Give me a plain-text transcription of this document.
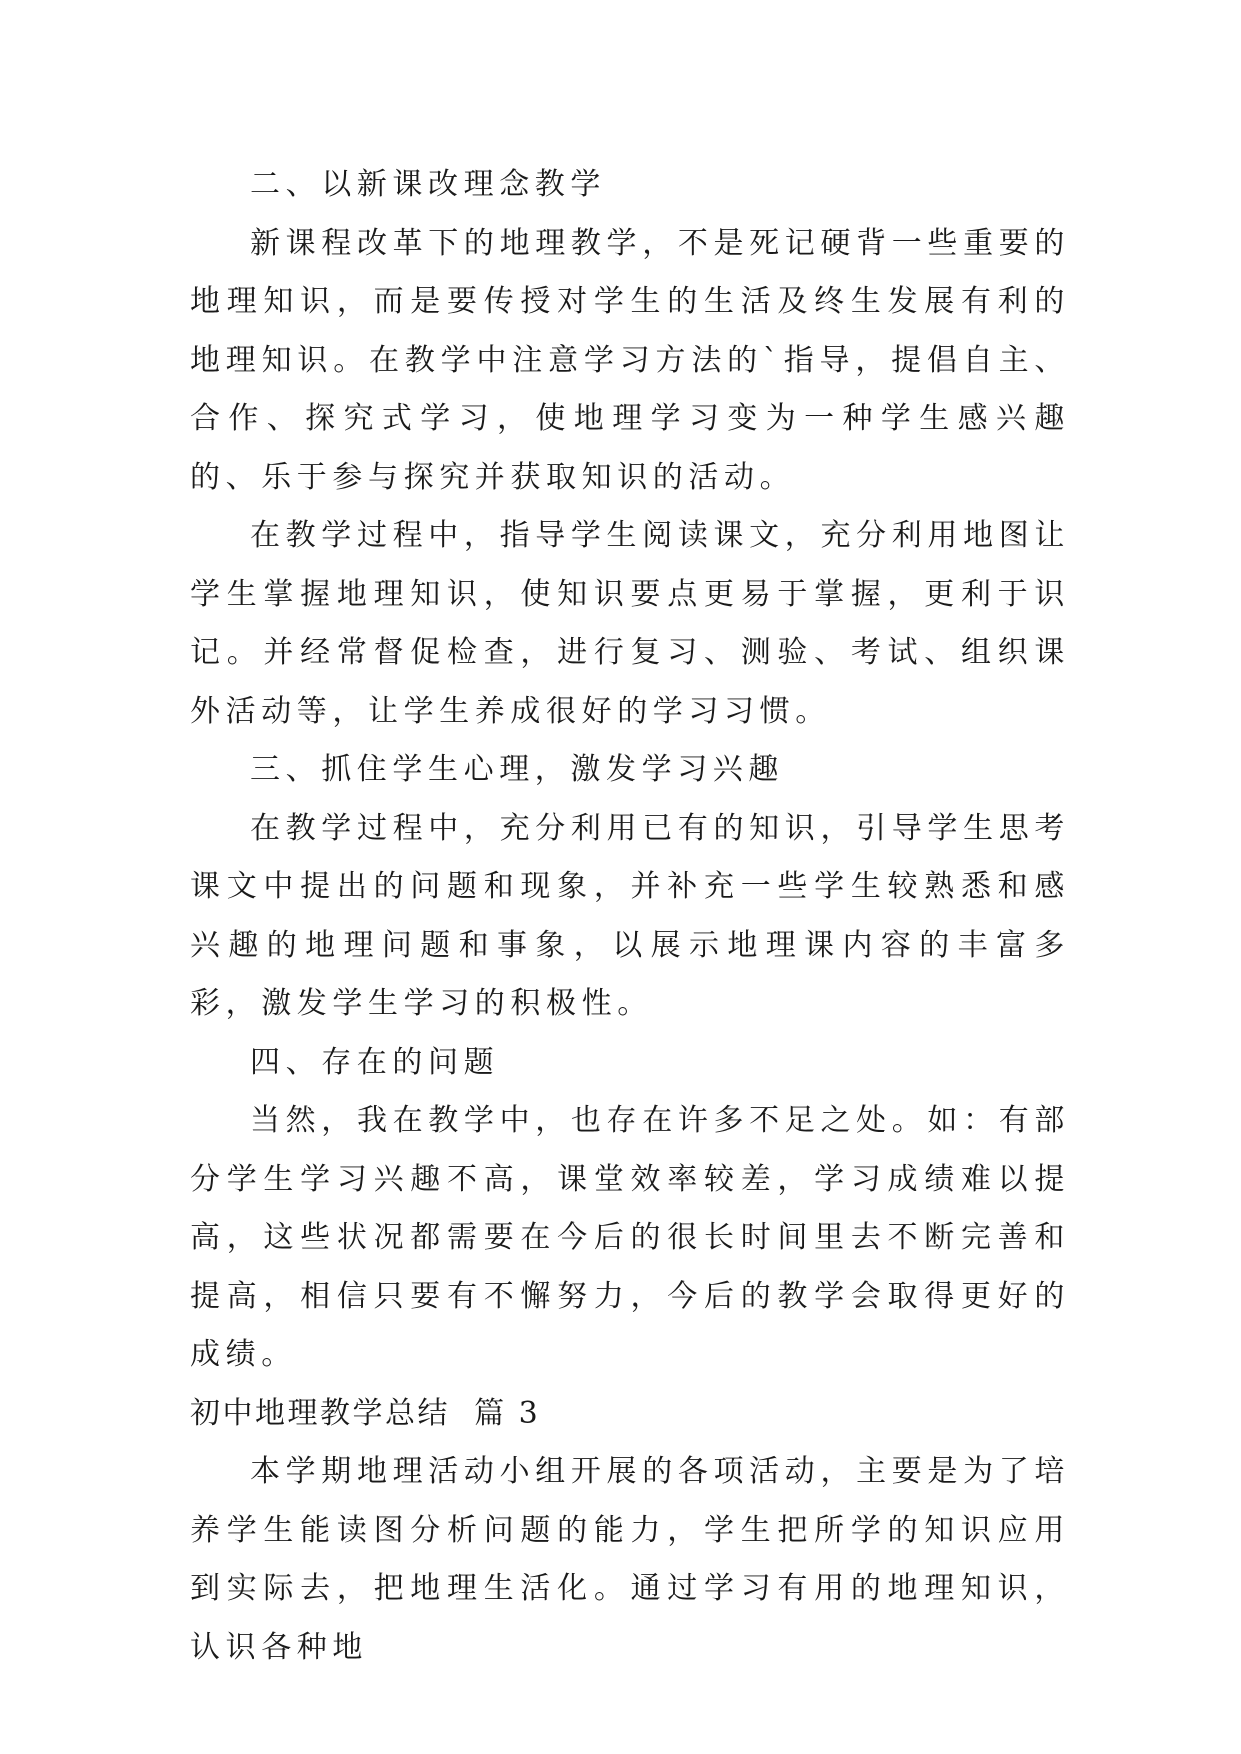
二、以新课改理念教学

新课程改革下的地理教学，不是死记硬背一些重要的地理知识，而是要传授对学生的生活及终生发展有利的地理知识。在教学中注意学习方法的`指导，提倡自主、合作、探究式学习，使地理学习变为一种学生感兴趣的、乐于参与探究并获取知识的活动。

在教学过程中，指导学生阅读课文，充分利用地图让学生掌握地理知识，使知识要点更易于掌握，更利于识记。并经常督促检查，进行复习、测验、考试、组织课外活动等，让学生养成很好的学习习惯。

三、抓住学生心理，激发学习兴趣

在教学过程中，充分利用已有的知识，引导学生思考课文中提出的问题和现象，并补充一些学生较熟悉和感兴趣的地理问题和事象，以展示地理课内容的丰富多彩，激发学生学习的积极性。

四、存在的问题

当然，我在教学中，也存在许多不足之处。如：有部分学生学习兴趣不高，课堂效率较差，学习成绩难以提高，这些状况都需要在今后的很长时间里去不断完善和提高，相信只要有不懈努力，今后的教学会取得更好的成绩。

初中地理教学总结  篇 3

本学期地理活动小组开展的各项活动，主要是为了培养学生能读图分析问题的能力，学生把所学的知识应用到实际去，把地理生活化。通过学习有用的地理知识，认识各种地
